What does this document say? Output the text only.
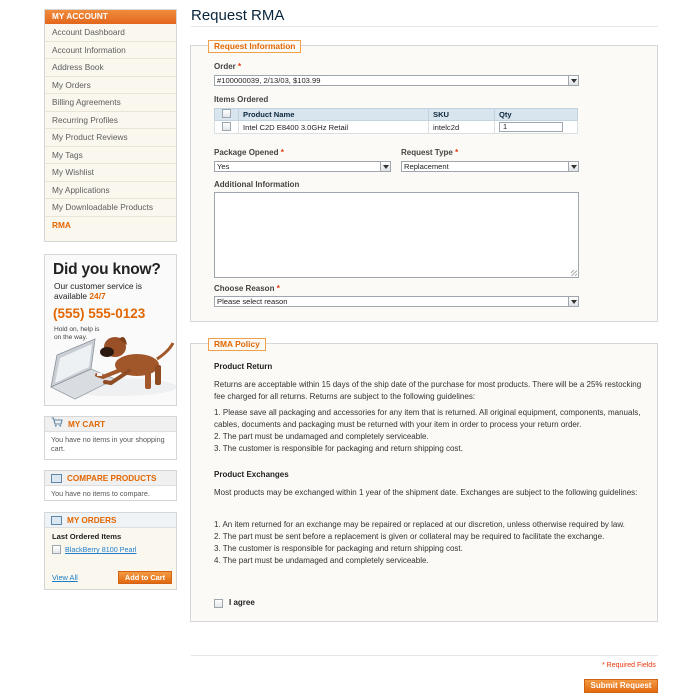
MY ACCOUNT
Account Dashboard
Account Information
Address Book
My Orders
Billing Agreements
Recurring Profiles
My Product Reviews
My Tags
My Wishlist
My Applications
My Downloadable Products
RMA
Did you know?
Our customer service is
available 24/7
(555) 555-0123
Hold on, help is on the way.
MY CART
You have no items in your shopping cart.
COMPARE PRODUCTS
You have no items to compare.
MY ORDERS
Last Ordered Items
BlackBerry 8100 Pearl
View All	Add to Cart
Request RMA
Request Information
Order *
#100000039, 2/13/03, $103.99
Items Ordered
	Product Name	SKU	Qty
	Intel C2D E8400 3.0GHz Retail	intelc2d	1
Package Opened *
Yes
Request Type *
Replacement
Additional Information
Choose Reason *
Please select reason
RMA Policy
Product Return
Returns are acceptable within 15 days of the ship date of the purchase for most products. There will be a 25% restocking fee charged for all returns. Returns are subject to the following guidelines:

1. Please save all packaging and accessories for any item that is returned. All original equipment, components, manuals, cables, documents and packaging must be returned with your item in order to process your return order.

2. The part must be undamaged and completely serviceable.

3. The customer is responsible for packaging and return shipping cost.

Product Exchanges
Most products may be exchanged within 1 year of the shipment date. Exchanges are subject to the following guidelines:

1. An item returned for an exchange may be repaired or replaced at our discretion, unless otherwise required by law.

2. The part must be sent before a replacement is given or collateral may be required to facilitate the exchange.

3. The customer is responsible for packaging and return shipping cost.

4. The part must be undamaged and completely serviceable.

I agree
* Required Fields
Submit Request
